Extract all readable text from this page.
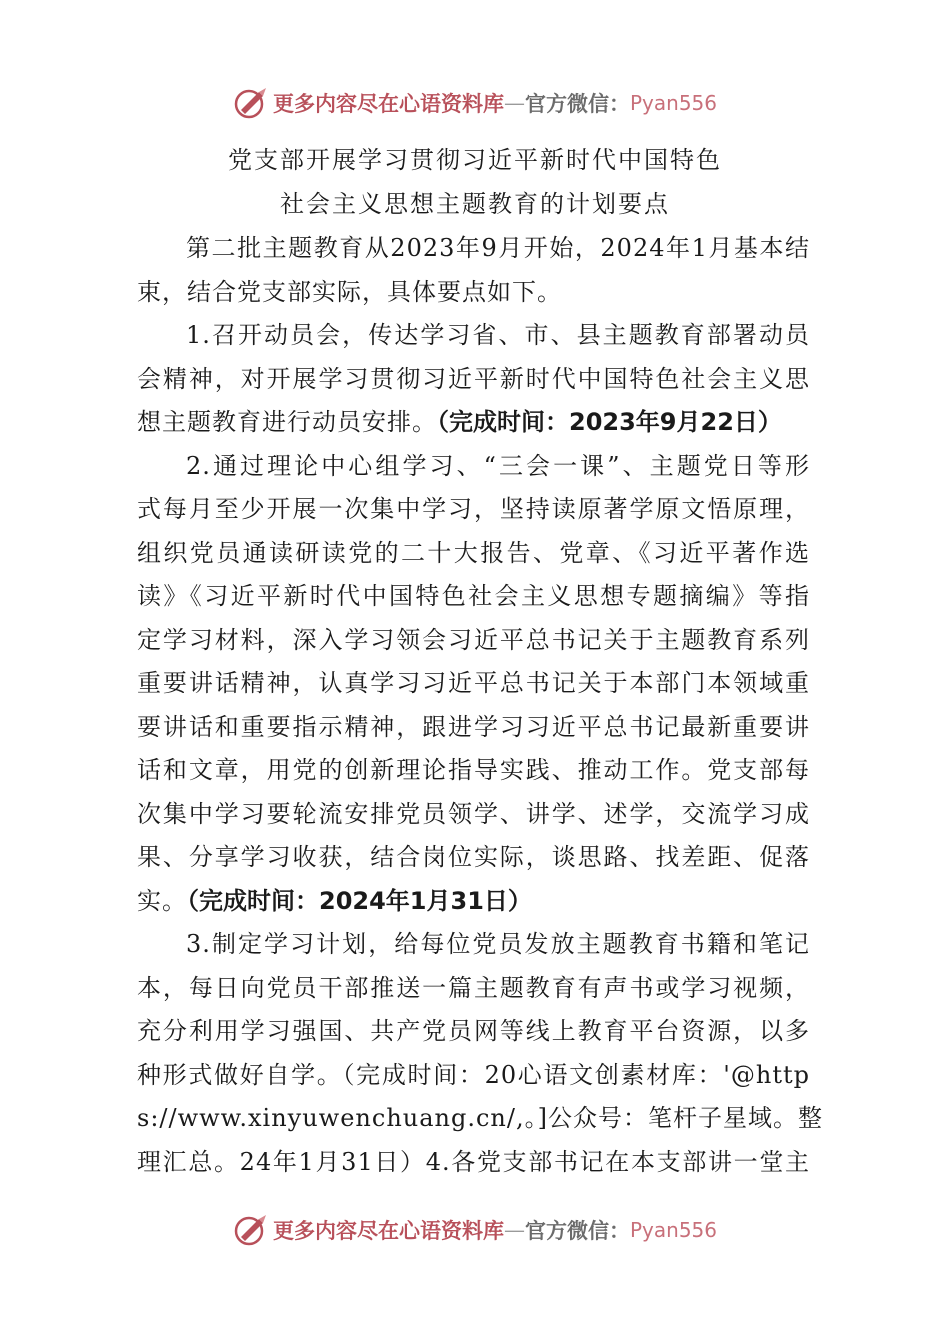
更多内容尽在心语资料库 — 官方微信： Pyan556
党支部开展学习贯彻习近平新时代中国特色
社会主义思想主题教育的计划要点
第二批主题教育从2023年9月开始，2024年1月基本结
束，结合党支部实际，具体要点如下。
1.召开动员会，传达学习省、市、县主题教育部署动员
会精神，对开展学习贯彻习近平新时代中国特色社会主义思
想主题教育进行动员安排。（完成时间：2023年9月22日）
2.通过理论中心组学习、“三会一课”、主题党日等形
式每月至少开展一次集中学习，坚持读原著学原文悟原理，
组织党员通读研读党的二十大报告、党章、《习近平著作选
读》《习近平新时代中国特色社会主义思想专题摘编》等指
定学习材料，深入学习领会习近平总书记关于主题教育系列
重要讲话精神，认真学习习近平总书记关于本部门本领域重
要讲话和重要指示精神，跟进学习习近平总书记最新重要讲
话和文章，用党的创新理论指导实践、推动工作。党支部每
次集中学习要轮流安排党员领学、讲学、述学，交流学习成
果、分享学习收获，结合岗位实际，谈思路、找差距、促落
实。（完成时间：2024年1月31日）
3.制定学习计划，给每位党员发放主题教育书籍和笔记
本，每日向党员干部推送一篇主题教育有声书或学习视频，
充分利用学习强国、共产党员网等线上教育平台资源，以多
种形式做好自学。（完成时间：20心语文创素材库：'@http
s://www.xinyuwenchuang.cn/,。]公众号：笔杆子星域。整
理汇总。24年1月31日）4.各党支部书记在本支部讲一堂主
更多内容尽在心语资料库 — 官方微信： Pyan556
